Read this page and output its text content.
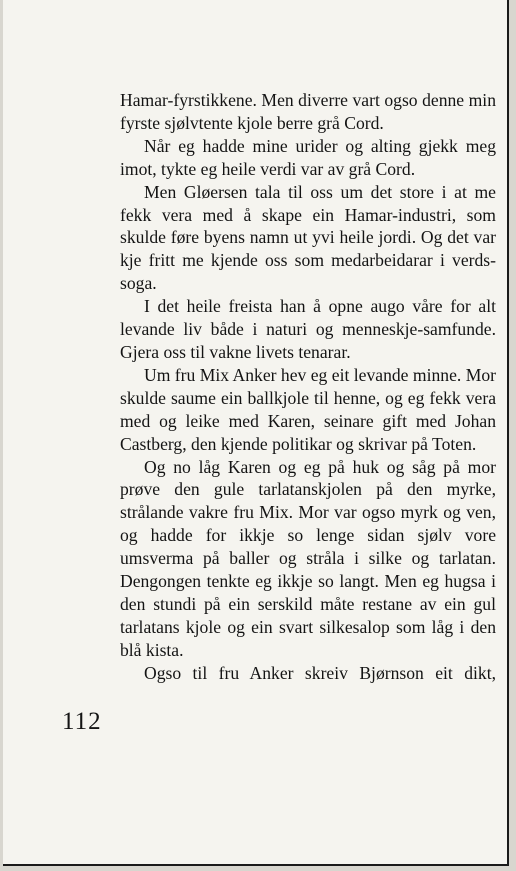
Hamar-fyrstikkene. Men diverre vart ogso denne min fyrste sjølvtente kjole berre grå Cord.

Når eg hadde mine urider og alting gjekk meg imot, tykte eg heile verdi var av grå Cord.

Men Gløersen tala til oss um det store i at me fekk vera med å skape ein Hamar-industri, som skulde føre byens namn ut yvi heile jordi. Og det var kje fritt me kjende oss som medarbeidarar i verds-soga.

I det heile freista han å opne augo våre for alt levande liv både i naturi og menneskje-samfunde. Gjera oss til vakne livets tenarar.

Um fru Mix Anker hev eg eit levande minne. Mor skulde saume ein ballkjole til henne, og eg fekk vera med og leike med Karen, seinare gift med Johan Castberg, den kjende politikar og skrivar på Toten.

Og no låg Karen og eg på huk og såg på mor prøve den gule tarlatanskjolen på den myrke, strålande vakre fru Mix. Mor var ogso myrk og ven, og hadde for ikkje so lenge sidan sjølv vore umsverma på baller og stråla i silke og tarlatan. Dengongen tenkte eg ikkje so langt. Men eg hugsa i den stundi på ein serskild måte restane av ein gul tarlatans kjole og ein svart silkesalop som låg i den blå kista.

Ogso til fru Anker skreiv Bjørnson eit dikt,

112
